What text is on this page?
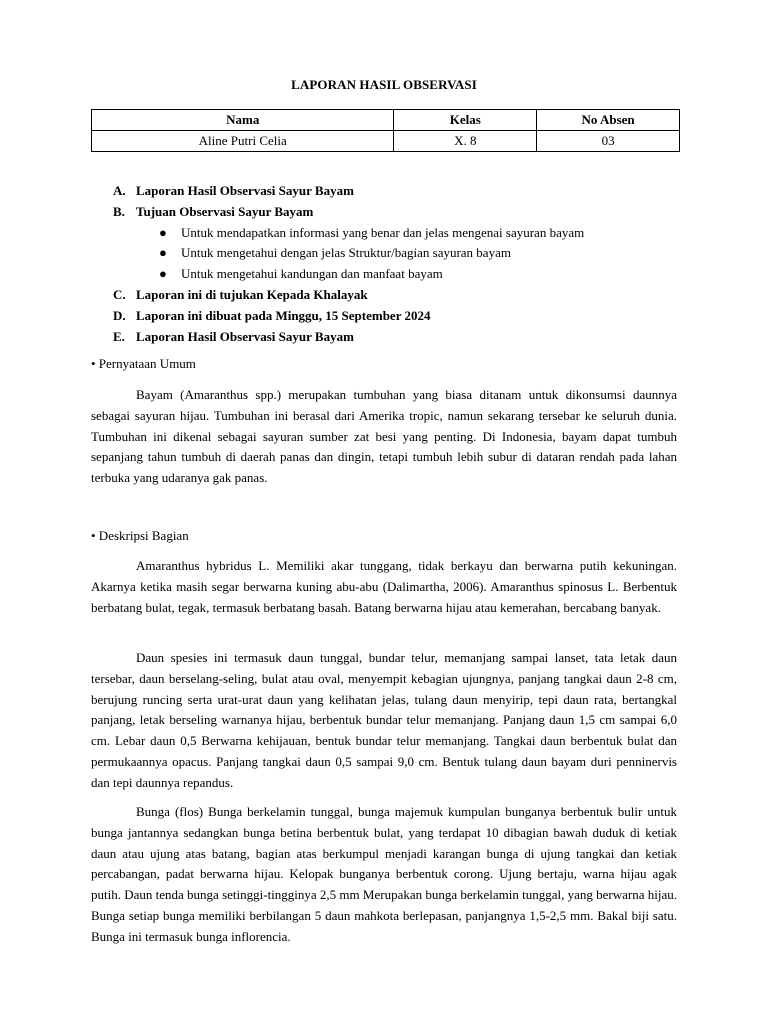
LAPORAN HASIL OBSERVASI
Nama	Kelas	No Absen
Aline Putri Celia	X. 8	03
A. Laporan Hasil Observasi Sayur Bayam
B. Tujuan Observasi Sayur Bayam
● Untuk mendapatkan informasi yang benar dan jelas mengenai sayuran bayam
● Untuk mengetahui dengan jelas Struktur/bagian sayuran bayam
● Untuk mengetahui kandungan dan manfaat bayam
C. Laporan ini di tujukan Kepada Khalayak
D. Laporan ini dibuat pada Minggu, 15 September 2024
E. Laporan Hasil Observasi Sayur Bayam
• Pernyataan Umum

Bayam (Amaranthus spp.) merupakan tumbuhan yang biasa ditanam untuk dikonsumsi daunnya sebagai sayuran hijau. Tumbuhan ini berasal dari Amerika tropic, namun sekarang tersebar ke seluruh dunia. Tumbuhan ini dikenal sebagai sayuran sumber zat besi yang penting. Di Indonesia, bayam dapat tumbuh sepanjang tahun tumbuh di daerah panas dan dingin, tetapi tumbuh lebih subur di dataran rendah pada lahan terbuka yang udaranya gak panas.

• Deskripsi Bagian

Amaranthus hybridus L. Memiliki akar tunggang, tidak berkayu dan berwarna putih kekuningan. Akarnya ketika masih segar berwarna kuning abu-abu (Dalimartha, 2006). Amaranthus spinosus L. Berbentuk berbatang bulat, tegak, termasuk berbatang basah. Batang berwarna hijau atau kemerahan, bercabang banyak.

Daun spesies ini termasuk daun tunggal, bundar telur, memanjang sampai lanset, tata letak daun tersebar, daun berselang-seling, bulat atau oval, menyempit kebagian ujungnya, panjang tangkai daun 2-8 cm, berujung runcing serta urat-urat daun yang kelihatan jelas, tulang daun menyirip, tepi daun rata, bertangkal panjang, letak berseling warnanya hijau, berbentuk bundar telur memanjang. Panjang daun 1,5 cm sampai 6,0 cm. Lebar daun 0,5 Berwarna kehijauan, bentuk bundar telur memanjang. Tangkai daun berbentuk bulat dan permukaannya opacus. Panjang tangkai daun 0,5 sampai 9,0 cm. Bentuk tulang daun bayam duri penninervis dan tepi daunnya repandus.

Bunga (flos) Bunga berkelamin tunggal, bunga majemuk kumpulan bunganya berbentuk bulir untuk bunga jantannya sedangkan bunga betina berbentuk bulat, yang terdapat 10 dibagian bawah duduk di ketiak daun atau ujung atas batang, bagian atas berkumpul menjadi karangan bunga di ujung tangkai dan ketiak percabangan, padat berwarna hijau. Kelopak bunganya berbentuk corong. Ujung bertaju, warna hijau agak putih. Daun tenda bunga setinggi-tingginya 2,5 mm Merupakan bunga berkelamin tunggal, yang berwarna hijau. Bunga setiap bunga memiliki berbilangan 5 daun mahkota berlepasan, panjangnya 1,5-2,5 mm. Bakal biji satu. Bunga ini termasuk bunga inflorencia.
